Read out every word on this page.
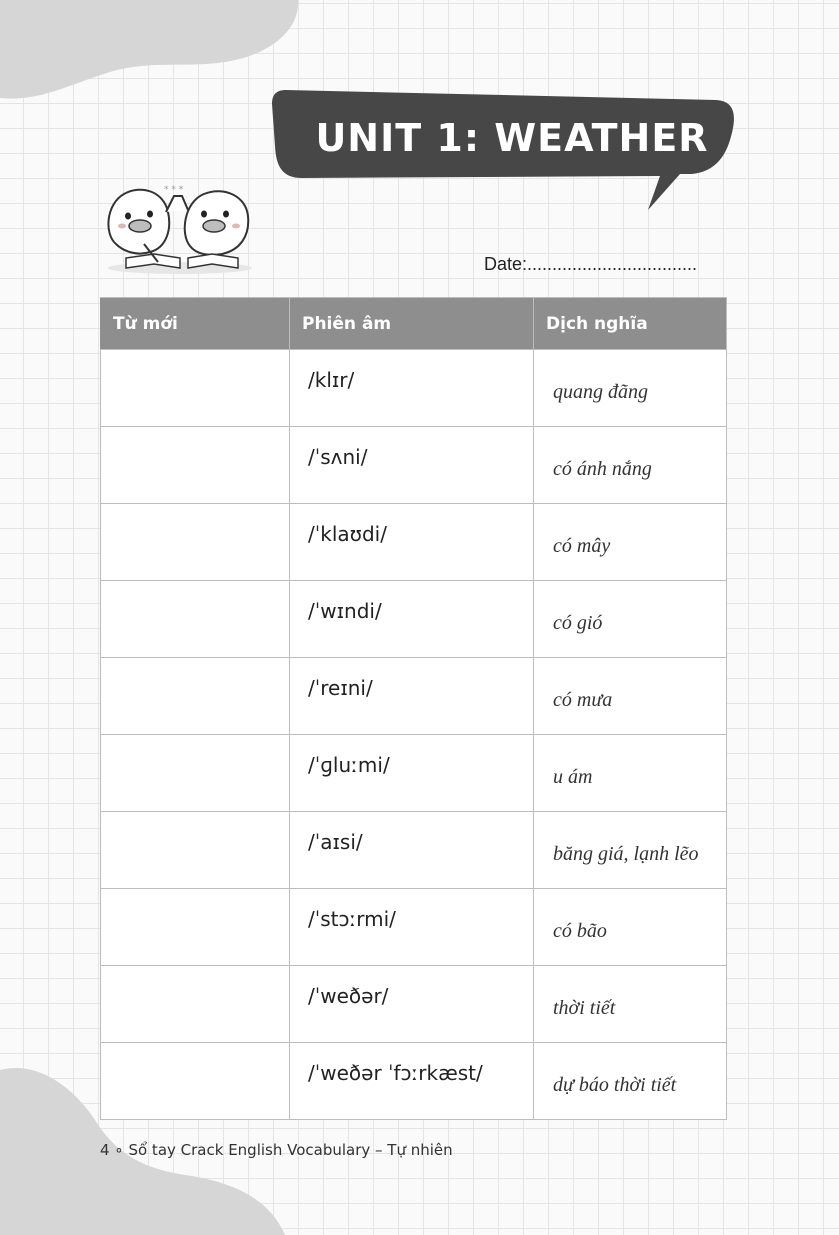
UNIT 1: WEATHER
* * *
Date:..................................
Từ mới	Phiên âm	Dịch nghĩa
	/klɪr/	quang đãng
	/ˈsʌni/	có ánh nắng
	/ˈklaʊdi/	có mây
	/ˈwɪndi/	có gió
	/ˈreɪni/	có mưa
	/ˈɡluːmi/	u ám
	/ˈaɪsi/	băng giá, lạnh lẽo
	/ˈstɔːrmi/	có bão
	/ˈweðər/	thời tiết
	/ˈweðər ˈfɔːrkæst/	dự báo thời tiết
4 ∘ Sổ tay Crack English Vocabulary – Tự nhiên
